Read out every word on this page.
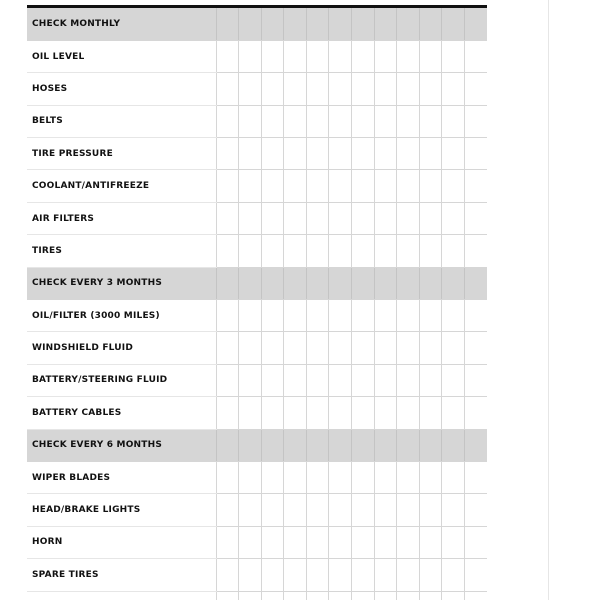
CHECK MONTHLY												
OIL LEVEL												
HOSES												
BELTS												
TIRE PRESSURE												
COOLANT/ANTIFREEZE												
AIR FILTERS												
TIRES												
CHECK EVERY 3 MONTHS												
OIL/FILTER (3000 MILES)												
WINDSHIELD FLUID												
BATTERY/STEERING FLUID												
BATTERY CABLES												
CHECK EVERY 6 MONTHS												
WIPER BLADES												
HEAD/BRAKE LIGHTS												
HORN												
SPARE TIRES												
